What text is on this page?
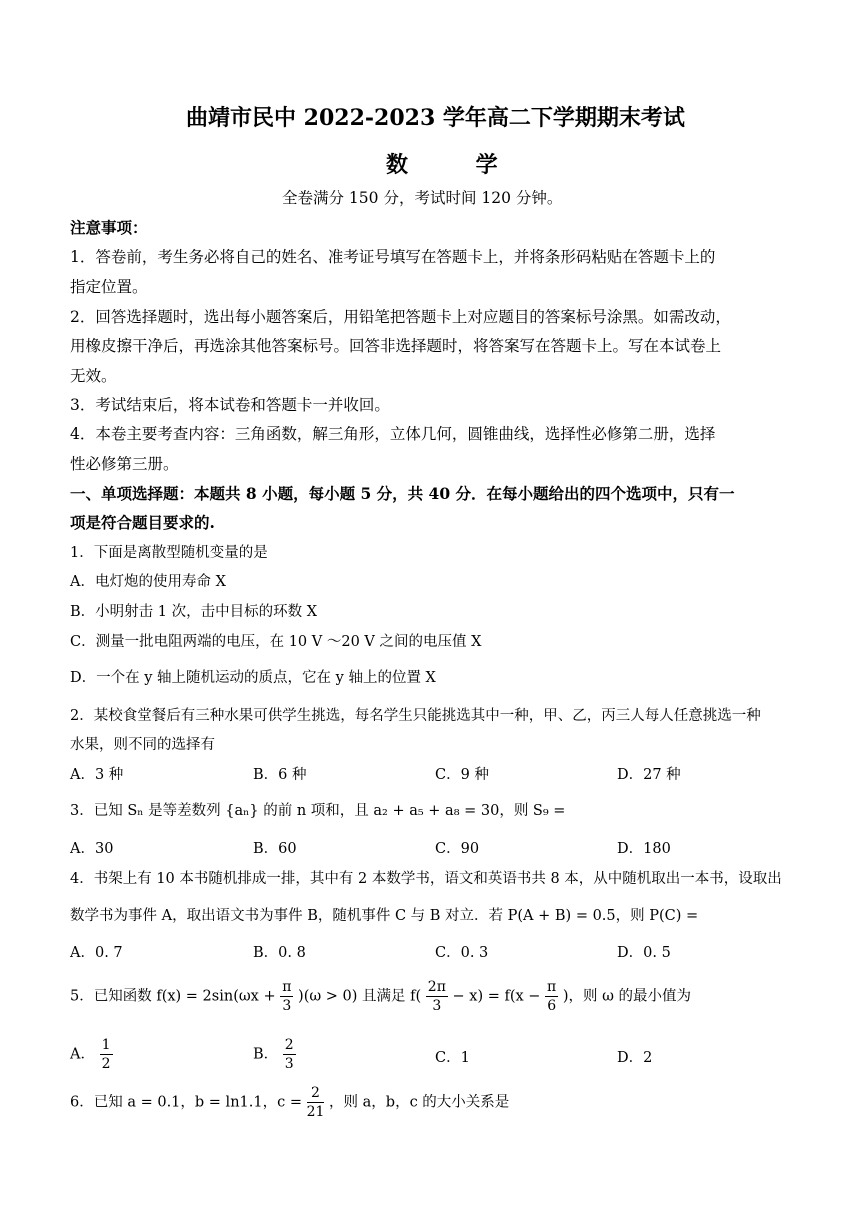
曲靖市民中 2022-2023 学年高二下学期期末考试
数 学
全卷满分 150 分，考试时间 120 分钟。
注意事项：
1．答卷前，考生务必将自己的姓名、准考证号填写在答题卡上，并将条形码粘贴在答题卡上的
指定位置。
2．回答选择题时，选出每小题答案后，用铅笔把答题卡上对应题目的答案标号涂黑。如需改动，
用橡皮擦干净后，再选涂其他答案标号。回答非选择题时，将答案写在答题卡上。写在本试卷上
无效。
3．考试结束后，将本试卷和答题卡一并收回。
4．本卷主要考查内容：三角函数，解三角形，立体几何，圆锥曲线，选择性必修第二册，选择
性必修第三册。
一、单项选择题：本题共 8 小题，每小题 5 分，共 40 分．在每小题给出的四个选项中，只有一
项是符合题目要求的.
1．下面是离散型随机变量的是
A．电灯炮的使用寿命 X
B．小明射击 1 次，击中目标的环数 X
C．测量一批电阻两端的电压，在 10 V ～20 V 之间的电压值 X
D．一个在 y 轴上随机运动的质点，它在 y 轴上的位置 X
2．某校食堂餐后有三种水果可供学生挑选，每名学生只能挑选其中一种，甲、乙，丙三人每人任意挑选一种
水果，则不同的选择有
A．3 种	B．6 种	C．9 种	D．27 种
3．已知 Sₙ 是等差数列 {aₙ} 的前 n 项和，且 a₂ + a₅ + a₈ = 30，则 S₉ =
A．30	B．60	C．90	D．180
4．书架上有 10 本书随机排成一排，其中有 2 本数学书，语文和英语书共 8 本，从中随机取出一本书，设取出
数学书为事件 A，取出语文书为事件 B，随机事件 C 与 B 对立．若 P(A + B) = 0.5，则 P(C) =
A．0. 7	B．0. 8	C．0. 3	D．0. 5
5．已知函数 $f(x) = 2\sin(\omega x + \frac{\pi}{3} )(\omega > 0)$ 且满足 $f( \frac{2\pi}{3} - x) = f(x - \frac{\pi}{6}$ )，则 ω 的最小值为
A． $\frac{1}{2}$	B． $\frac{2}{3}$	C．1	D．2
6．已知 a = 0.1，b = ln1.1，$c = \frac{2}{21}$ ，则 a，b，c 的大小关系是
